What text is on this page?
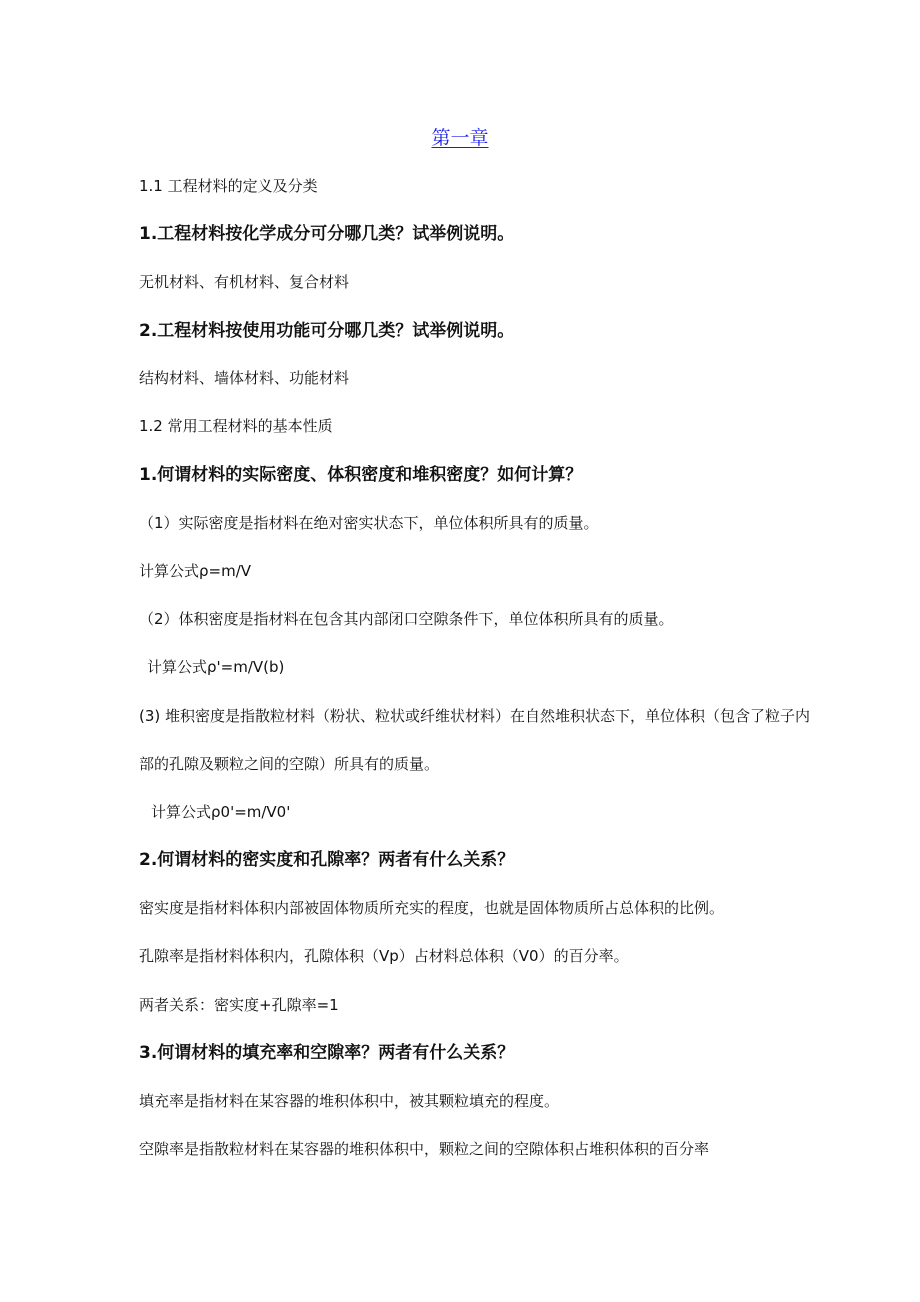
第一章
1.1 工程材料的定义及分类
1.工程材料按化学成分可分哪几类？试举例说明。
无机材料、有机材料、复合材料
2.工程材料按使用功能可分哪几类？试举例说明。
结构材料、墙体材料、功能材料
1.2 常用工程材料的基本性质
1.何谓材料的实际密度、体积密度和堆积密度？如何计算？
（1）实际密度是指材料在绝对密实状态下，单位体积所具有的质量。
计算公式ρ=m/V
（2）体积密度是指材料在包含其内部闭口空隙条件下，单位体积所具有的质量。
计算公式ρ'=m/V(b)
(3) 堆积密度是指散粒材料（粉状、粒状或纤维状材料）在自然堆积状态下，单位体积（包含了粒子内
部的孔隙及颗粒之间的空隙）所具有的质量。
计算公式ρ0'=m/V0'
2.何谓材料的密实度和孔隙率？两者有什么关系？
密实度是指材料体积内部被固体物质所充实的程度，也就是固体物质所占总体积的比例。
孔隙率是指材料体积内，孔隙体积（Vp）占材料总体积（V0）的百分率。
两者关系：密实度+孔隙率=1
3.何谓材料的填充率和空隙率？两者有什么关系？
填充率是指材料在某容器的堆积体积中，被其颗粒填充的程度。
空隙率是指散粒材料在某容器的堆积体积中，颗粒之间的空隙体积占堆积体积的百分率
